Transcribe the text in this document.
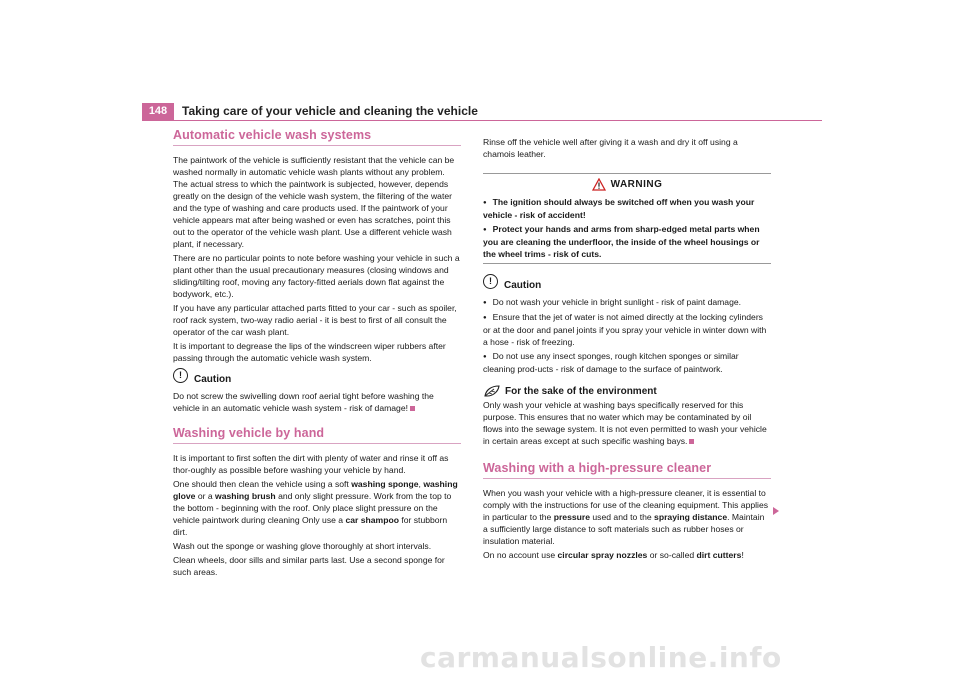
148	Taking care of your vehicle and cleaning the vehicle
Automatic vehicle wash systems

The paintwork of the vehicle is sufficiently resistant that the vehicle can be washed normally in automatic vehicle wash plants without any problem. The actual stress to which the paintwork is subjected, however, depends greatly on the design of the vehicle wash system, the filtering of the water and the type of washing and care products used. If the paintwork of your vehicle appears mat after being washed or even has scratches, point this out to the operator of the vehicle wash plant. Use a different vehicle wash plant, if necessary.

There are no particular points to note before washing your vehicle in such a plant other than the usual precautionary measures (closing windows and sliding/tilting roof, moving any factory-fitted aerials down flat against the bodywork, etc.).

If you have any particular attached parts fitted to your car - such as spoiler, roof rack system, two-way radio aerial - it is best to first of all consult the operator of the car wash plant.

It is important to degrease the lips of the windscreen wiper rubbers after passing through the automatic vehicle wash system.

!	Caution

Do not screw the swivelling down roof aerial tight before washing the vehicle in an automatic vehicle wash system - risk of damage!

Washing vehicle by hand

It is important to first soften the dirt with plenty of water and rinse it off as thor-oughly as possible before washing your vehicle by hand.

One should then clean the vehicle using a soft washing sponge, washing glove or a washing brush and only slight pressure. Work from the top to the bottom - beginning with the roof. Only place slight pressure on the vehicle paintwork during cleaning Only use a car shampoo for stubborn dirt.

Wash out the sponge or washing glove thoroughly at short intervals.

Clean wheels, door sills and similar parts last. Use a second sponge for such areas.

Rinse off the vehicle well after giving it a wash and dry it off using a chamois leather.

WARNING

● The ignition should always be switched off when you wash your vehicle - risk of accident!

● Protect your hands and arms from sharp-edged metal parts when you are cleaning the underfloor, the inside of the wheel housings or the wheel trims - risk of cuts.

!	Caution

● Do not wash your vehicle in bright sunlight - risk of paint damage.

● Ensure that the jet of water is not aimed directly at the locking cylinders or at the door and panel joints if you spray your vehicle in winter down with a hose - risk of freezing.

● Do not use any insect sponges, rough kitchen sponges or similar cleaning prod-ucts - risk of damage to the surface of paintwork.

For the sake of the environment

Only wash your vehicle at washing bays specifically reserved for this purpose. This ensures that no water which may be contaminated by oil flows into the sewage system. It is not even permitted to wash your vehicle in certain areas except at such specific washing bays.

Washing with a high-pressure cleaner

When you wash your vehicle with a high-pressure cleaner, it is essential to comply with the instructions for use of the cleaning equipment. This applies in particular to the pressure used and to the spraying distance. Maintain a sufficiently large distance to soft materials such as rubber hoses or insulation material.

On no account use circular spray nozzles or so-called dirt cutters!

carmanualsonline.info
